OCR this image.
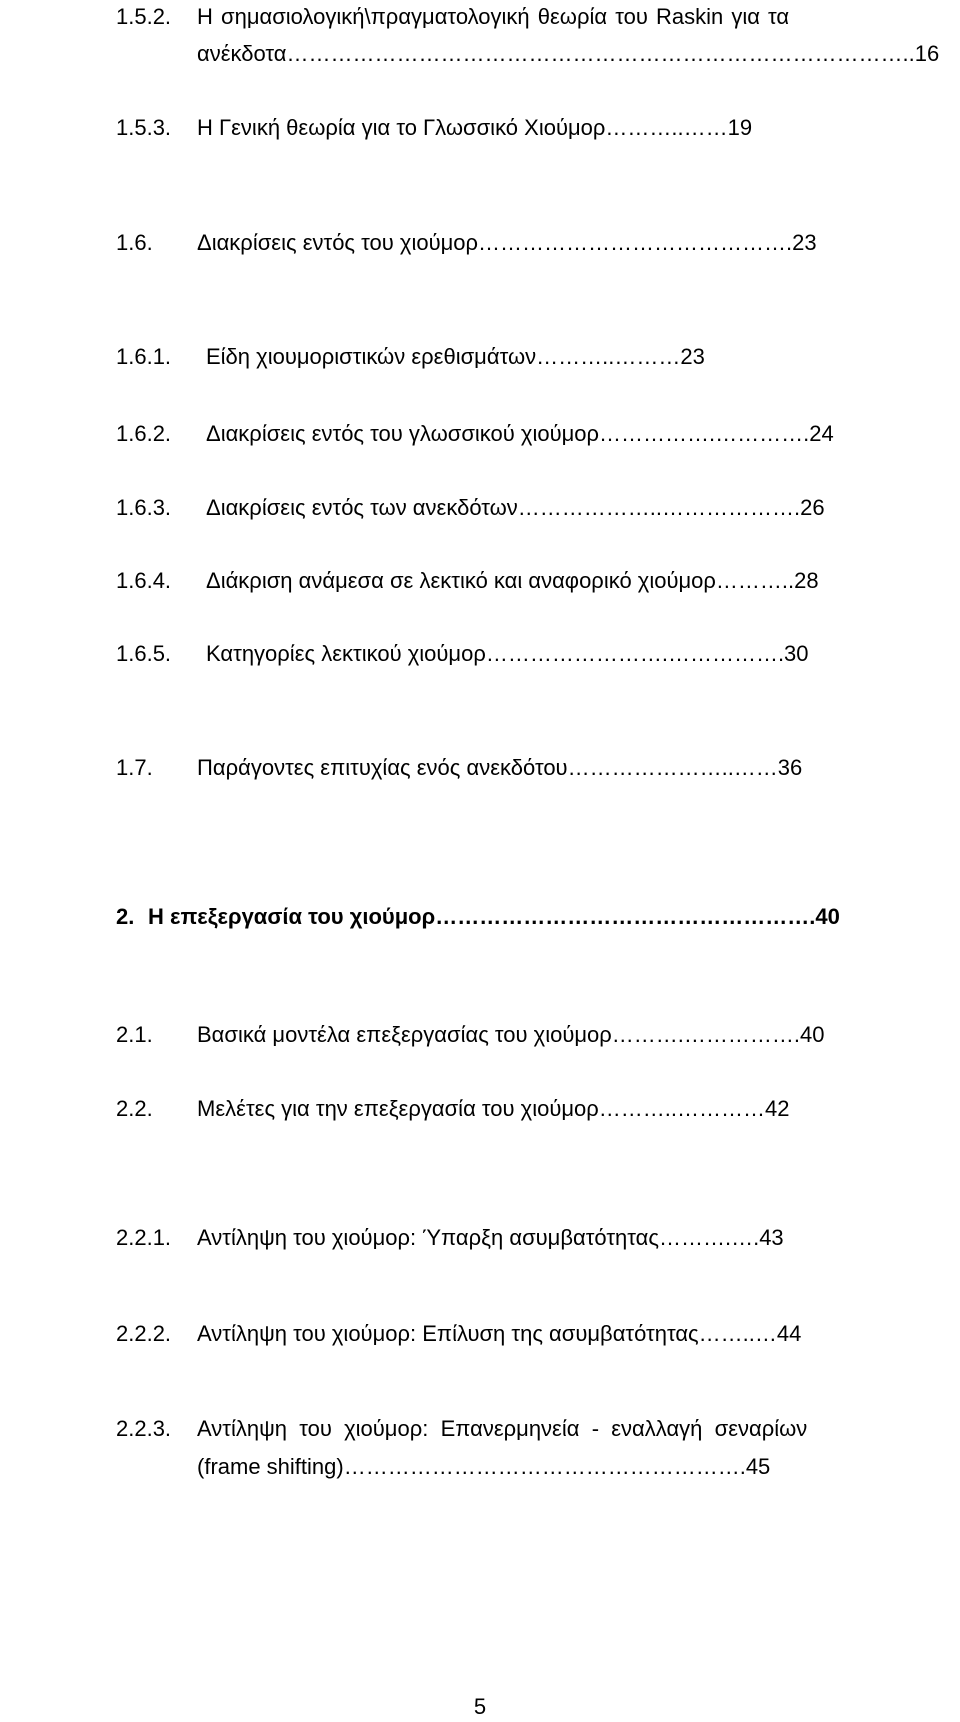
1.5.2. Η σημασιολογική\πραγματολογική θεωρία του Raskin για τα
ανέκδοτα…………………………………………………………………………..16
1.5.3. Η Γενική θεωρία για το Γλωσσικό Χιούμορ………..……19
1.6. Διακρίσεις εντός του χιούμορ…………………………………….23
1.6.1. Είδη χιουμοριστικών ερεθισμάτων………..………23
1.6.2. Διακρίσεις εντός του γλωσσικού χιούμορ…………….………….24
1.6.3. Διακρίσεις εντός των ανεκδότων………………..……………….26
1.6.4. Διάκριση ανάμεσα σε λεκτικό και αναφορικό χιούμορ………..28
1.6.5. Κατηγορίες λεκτικού χιούμορ…………………….…………….30
1.7. Παράγοντες επιτυχίας ενός ανεκδότου…………………..……36
2. Η επεξεργασία του χιούμορ…………………………………………….40
2.1. Βασικά μοντέλα επεξεργασίας του χιούμορ……….…………….40
2.2. Μελέτες για την επεξεργασία του χιούμορ………..…………42
2.2.1. Αντίληψη του χιούμορ: Ύπαρξη ασυμβατότητας……….….43
2.2.2. Αντίληψη του χιούμορ: Επίλυση της ασυμβατότητας……..…44
2.2.3. Αντίληψη  του  χιούμορ:  Επανερμηνεία  -  εναλλαγή  σεναρίων
(frame shifting)……………………………………………….45
5
